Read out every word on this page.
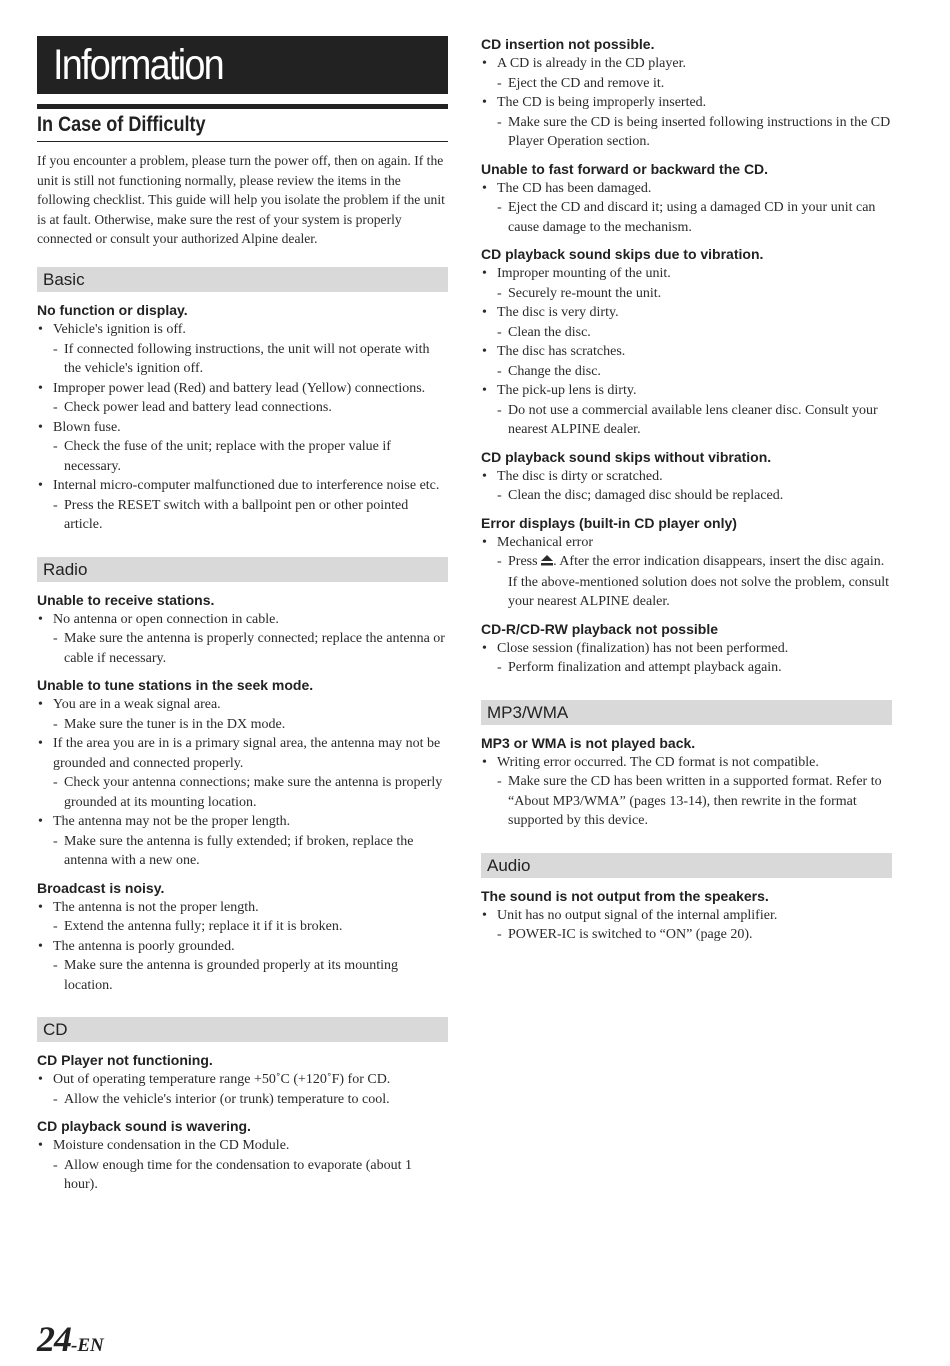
Information
In Case of Difficulty

If you encounter a problem, please turn the power off, then on again. If the unit is still not functioning normally, please review the items in the following checklist. This guide will help you isolate the problem if the unit is at fault. Otherwise, make sure the rest of your system is properly connected or consult your authorized Alpine dealer.

Basic

No function or display.

• Vehicle's ignition is off.

- If connected following instructions, the unit will not operate with the vehicle's ignition off.

• Improper power lead (Red) and battery lead (Yellow) connections.

- Check power lead and battery lead connections.

• Blown fuse.

- Check the fuse of the unit; replace with the proper value if necessary.

• Internal micro-computer malfunctioned due to interference noise etc.

- Press the RESET switch with a ballpoint pen or other pointed article.

Radio

Unable to receive stations.

• No antenna or open connection in cable.

- Make sure the antenna is properly connected; replace the antenna or cable if necessary.

Unable to tune stations in the seek mode.

• You are in a weak signal area.

- Make sure the tuner is in the DX mode.

• If the area you are in is a primary signal area, the antenna may not be grounded and connected properly.

- Check your antenna connections; make sure the antenna is properly grounded at its mounting location.

• The antenna may not be the proper length.

- Make sure the antenna is fully extended; if broken, replace the antenna with a new one.

Broadcast is noisy.

• The antenna is not the proper length.

- Extend the antenna fully; replace it if it is broken.

• The antenna is poorly grounded.

- Make sure the antenna is grounded properly at its mounting location.

CD

CD Player not functioning.

• Out of operating temperature range +50˚C (+120˚F) for CD.

- Allow the vehicle's interior (or trunk) temperature to cool.

CD playback sound is wavering.

• Moisture condensation in the CD Module.

- Allow enough time for the condensation to evaporate (about 1 hour).

CD insertion not possible.

• A CD is already in the CD player.

- Eject the CD and remove it.

• The CD is being improperly inserted.

- Make sure the CD is being inserted following instructions in the CD Player Operation section.

Unable to fast forward or backward the CD.

• The CD has been damaged.

- Eject the CD and discard it; using a damaged CD in your unit can cause damage to the mechanism.

CD playback sound skips due to vibration.

• Improper mounting of the unit.

- Securely re-mount the unit.

• The disc is very dirty.

- Clean the disc.

• The disc has scratches.

- Change the disc.

• The pick-up lens is dirty.

- Do not use a commercial available lens cleaner disc. Consult your nearest ALPINE dealer.

CD playback sound skips without vibration.

• The disc is dirty or scratched.

- Clean the disc; damaged disc should be replaced.

Error displays (built-in CD player only)

• Mechanical error

- Press . After the error indication disappears, insert the disc again. If the above-mentioned solution does not solve the problem, consult your nearest ALPINE dealer.

CD-R/CD-RW playback not possible

• Close session (finalization) has not been performed.

- Perform finalization and attempt playback again.

MP3/WMA

MP3 or WMA is not played back.

• Writing error occurred. The CD format is not compatible.

- Make sure the CD has been written in a supported format. Refer to “About MP3/WMA” (pages 13-14), then rewrite in the format supported by this device.

Audio

The sound is not output from the speakers.

• Unit has no output signal of the internal amplifier.

- POWER-IC is switched to “ON” (page 20).

24-EN
